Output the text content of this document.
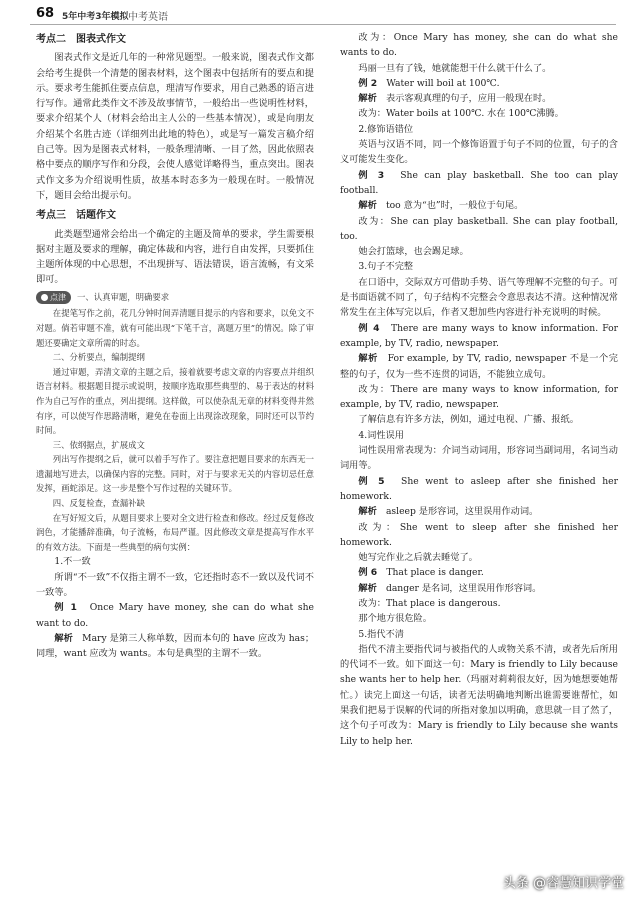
68 5年中考3年模拟 中考英语

考点二　图表式作文

图表式作文是近几年的一种常见题型。一般来说，图表式作文都会给考生提供一个清楚的图表材料，这个图表中包括所有的要点和提示。要求考生能抓住要点信息，理清写作要求，用自己熟悉的语言进行写作。通常此类作文不涉及故事情节，一般给出一些说明性材料，要求介绍某个人（材料会给出主人公的一些基本情况），或是向朋友介绍某个名胜古迹（详细列出此地的特色），或是写一篇发言稿介绍自己等。因为是图表式材料，一般条理清晰、一目了然，因此依照表格中要点的顺序写作和分段，会使人感觉详略得当，重点突出。图表式作文多为介绍说明性质，故基本时态多为一般现在时。一般情况下，题目会给出提示句。

考点三　话题作文

此类题型通常会给出一个确定的主题及简单的要求，学生需要根据对主题及要求的理解，确定体裁和内容，进行自由发挥，只要抓住主题所体现的中心思想，不出现拼写、语法错误，语言流畅，有文采即可。

点津 一、认真审题，明确要求

在提笔写作之前，花几分钟时间弄清题目提示的内容和要求，以免文不对题。倘若审题不准，就有可能出现“下笔千言，离题万里”的情况。除了审题还要确定文章所需的时态。

二、分析要点，编制提纲

通过审题，弄清文章的主题之后，接着就要考虑文章的内容要点并组织语言材料。根据题目提示或说明，按顺序选取那些典型的、易于表达的材料作为自己写作的重点，列出提纲。这样做，可以使杂乱无章的材料变得井然有序，可以使写作思路清晰，避免在卷面上出现涂改现象，同时还可以节约时间。

三、依纲据点，扩展成文

列出写作提纲之后，就可以着手写作了。要注意把题目要求的东西无一遗漏地写进去，以确保内容的完整。同时，对于与要求无关的内容切忌任意发挥，画蛇添足。这一步是整个写作过程的关键环节。

四、反复检查，查漏补缺

在写好短文后，从题目要求上要对全文进行检查和修改。经过反复修改润色，才能播辞准确，句子流畅，布局严谨。因此修改文章是提高写作水平的有效方法。下面是一些典型的病句实例：

1.不一致

所谓“不一致”不仅指主谓不一致，它还指时态不一致以及代词不一致等。

例 1　 Once Mary have money, she can do what she want to do.

解析　 Mary 是第三人称单数，因而本句的 have 应改为 has；同理，want 应改为 wants。本句是典型的主谓不一致。

改为：Once Mary has money, she can do what she wants to do.

玛丽一旦有了钱，她就能想干什么就干什么了。

例 2　 Water will boil at 100℃.

解析　 表示客观真理的句子，应用一般现在时。

改为：Water boils at 100℃. 水在 100℃沸腾。

2.修饰语错位

英语与汉语不同，同一个修饰语置于句子不同的位置，句子的含义可能发生变化。

例 3　 She can play basketball. She too can play football.

解析　 too 意为“也”时，一般位于句尾。

改为：She can play basketball. She can play football, too.

她会打篮球，也会踢足球。

3.句子不完整

在口语中，交际双方可借助手势、语气等理解不完整的句子。可是书面语就不同了，句子结构不完整会令意思表达不清。这种情况常常发生在主体写完以后，作者又想加些内容进行补充说明的时候。

例 4　 There are many ways to know information. For example, by TV, radio, newspaper.

解析　 For example, by TV, radio, newspaper 不是一个完整的句子，仅为一些不连贯的词语，不能独立成句。

改为：There are many ways to know information, for example, by TV, radio, newspaper.

了解信息有许多方法，例如，通过电视、广播、报纸。

4.词性误用

词性误用常表现为：介词当动词用，形容词当副词用，名词当动词用等。

例 5　 She went to asleep after she finished her homework.

解析　 asleep 是形容词，这里误用作动词。

改为：She went to sleep after she finished her homework.

她写完作业之后就去睡觉了。

例 6　 That place is danger.

解析　 danger 是名词，这里误用作形容词。

改为：That place is dangerous.

那个地方很危险。

5.指代不清

指代不清主要指代词与被指代的人或物关系不清，或者先后所用的代词不一致。如下面这一句：Mary is friendly to Lily because she wants her to help her.（玛丽对莉莉很友好，因为她想要她帮忙。）读完上面这一句话，读者无法明确地判断出谁需要谁帮忙，如果我们把易于误解的代词的所指对象加以明确，意思就一目了然了，这个句子可改为：Mary is friendly to Lily because she wants Lily to help her.

头条 @睿慧知识学堂
